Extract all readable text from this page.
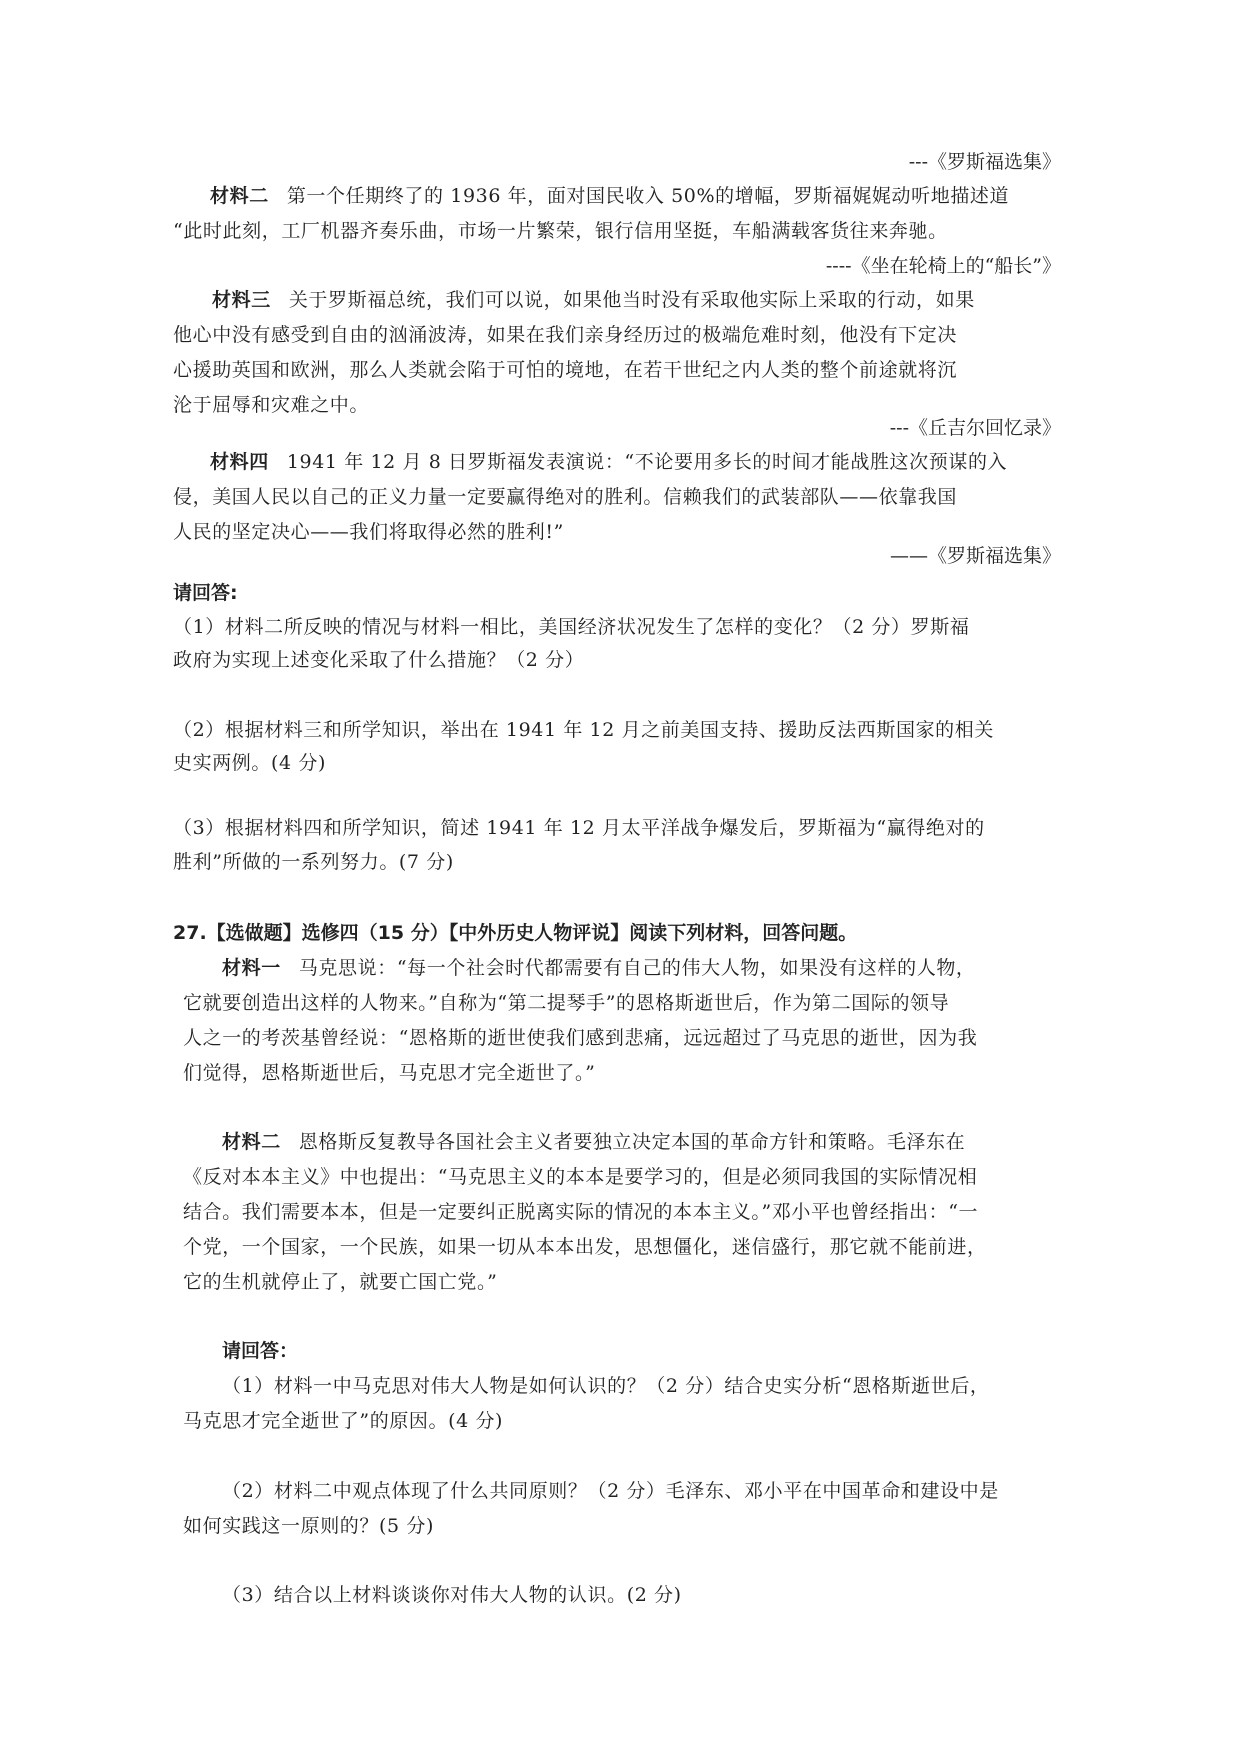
---《罗斯福选集》
材料二 第一个任期终了的 1936 年，面对国民收入 50%的增幅，罗斯福娓娓动听地描述道
“此时此刻，工厂机器齐奏乐曲，市场一片繁荣，银行信用坚挺，车船满载客货往来奔驰。
----《坐在轮椅上的“船长”》
材料三 关于罗斯福总统，我们可以说，如果他当时没有采取他实际上采取的行动，如果
他心中没有感受到自由的汹涌波涛，如果在我们亲身经历过的极端危难时刻，他没有下定决
心援助英国和欧洲，那么人类就会陷于可怕的境地，在若干世纪之内人类的整个前途就将沉
沦于屈辱和灾难之中。
---《丘吉尔回忆录》
材料四 1941 年 12 月 8 日罗斯福发表演说：“不论要用多长的时间才能战胜这次预谋的入
侵，美国人民以自己的正义力量一定要赢得绝对的胜利。信赖我们的武装部队——依靠我国
人民的坚定决心——我们将取得必然的胜利!”
——《罗斯福选集》
请回答:
（1）材料二所反映的情况与材料一相比，美国经济状况发生了怎样的变化？（2 分）罗斯福
政府为实现上述变化采取了什么措施？（2 分）
（2）根据材料三和所学知识，举出在 1941 年 12 月之前美国支持、援助反法西斯国家的相关
史实两例。(4 分)
（3）根据材料四和所学知识，简述 1941 年 12 月太平洋战争爆发后，罗斯福为“赢得绝对的
胜利”所做的一系列努力。(7 分)
27.【选做题】选修四（15 分）【中外历史人物评说】阅读下列材料，回答问题。
材料一 马克思说：“每一个社会时代都需要有自己的伟大人物，如果没有这样的人物，
它就要创造出这样的人物来。”自称为“第二提琴手”的恩格斯逝世后，作为第二国际的领导
人之一的考茨基曾经说：“恩格斯的逝世使我们感到悲痛，远远超过了马克思的逝世，因为我
们觉得，恩格斯逝世后，马克思才完全逝世了。”
材料二 恩格斯反复教导各国社会主义者要独立决定本国的革命方针和策略。毛泽东在
《反对本本主义》中也提出：“马克思主义的本本是要学习的，但是必须同我国的实际情况相
结合。我们需要本本，但是一定要纠正脱离实际的情况的本本主义。”邓小平也曾经指出：“一
个党，一个国家，一个民族，如果一切从本本出发，思想僵化，迷信盛行，那它就不能前进，
它的生机就停止了，就要亡国亡党。”
请回答：
（1）材料一中马克思对伟大人物是如何认识的？（2 分）结合史实分析“恩格斯逝世后，
马克思才完全逝世了”的原因。(4 分)
（2）材料二中观点体现了什么共同原则？（2 分）毛泽东、邓小平在中国革命和建设中是
如何实践这一原则的？(5 分)
（3）结合以上材料谈谈你对伟大人物的认识。(2 分)
